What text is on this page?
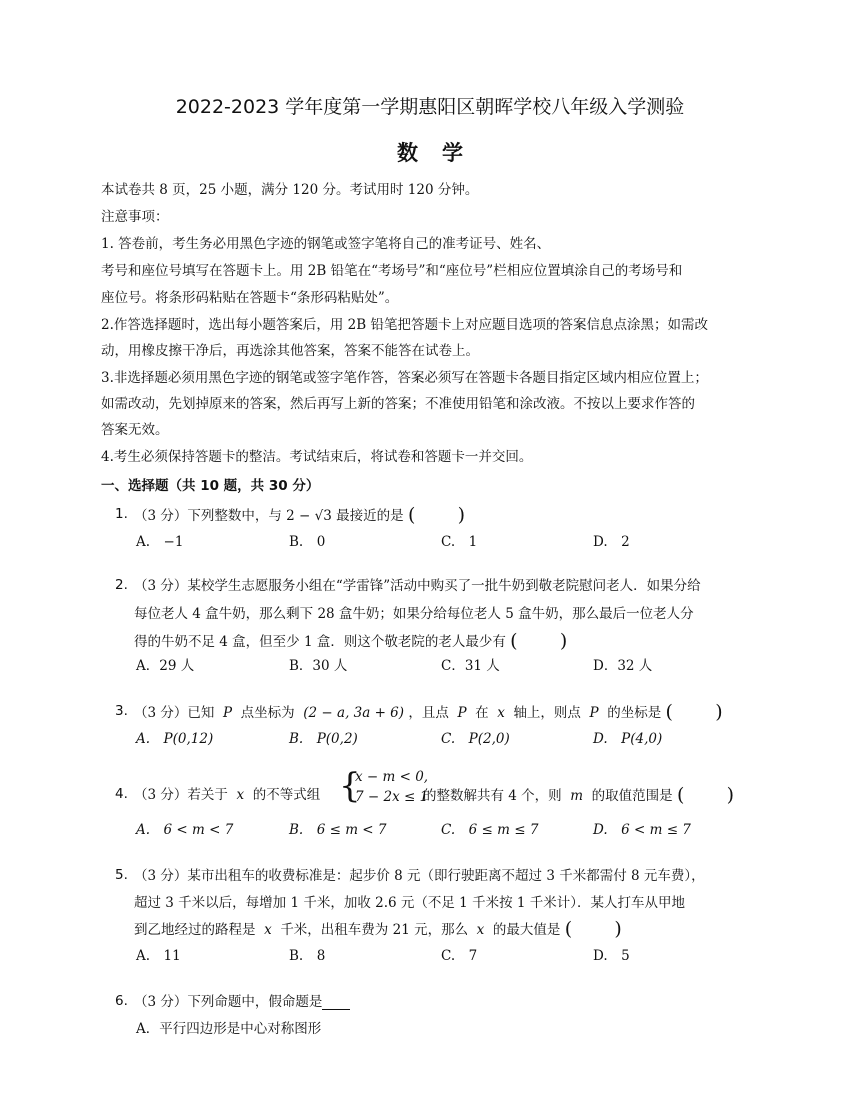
2022-2023 学年度第一学期惠阳区朝晖学校八年级入学测验
数学
本试卷共 8 页，25 小题，满分 120 分。考试用时 120 分钟。
注意事项：
1. 答卷前，考生务必用黑色字迹的钢笔或签字笔将自己的准考证号、姓名、
考号和座位号填写在答题卡上。用 2B 铅笔在“考场号”和“座位号”栏相应位置填涂自己的考场号和
座位号。将条形码粘贴在答题卡“条形码粘贴处”。
2.作答选择题时，选出每小题答案后，用 2B 铅笔把答题卡上对应题目选项的答案信息点涂黑；如需改
动，用橡皮擦干净后，再选涂其他答案，答案不能答在试卷上。
3.非选择题必须用黑色字迹的钢笔或签字笔作答，答案必须写在答题卡各题目指定区域内相应位置上；
如需改动，先划掉原来的答案，然后再写上新的答案；不准使用铅笔和涂改液。不按以上要求作答的
答案无效。
4.考生必须保持答题卡的整洁。考试结束后，将试卷和答题卡一并交回。
一、选择题（共 10 题，共 30 分）
1. （3 分）下列整数中，与 2 − √3 最接近的是 (       )
A.　−1	B.　0	C.　1	D.　2
2. （3 分）某校学生志愿服务小组在“学雷锋”活动中购买了一批牛奶到敬老院慰问老人．如果分给
每位老人 4 盒牛奶，那么剩下 28 盒牛奶；如果分给每位老人 5 盒牛奶，那么最后一位老人分
得的牛奶不足 4 盒，但至少 1 盒．则这个敬老院的老人最少有 (       )
A．29 人	B．30 人	C．31 人	D．32 人
3. （3 分）已知 P 点坐标为 (2 − a, 3a + 6) ，且点 P 在 x 轴上，则点 P 的坐标是 (       )
A.　P(0,12)	B.　P(0,2)	C.　P(2,0)	D.　P(4,0)
4. （3 分）若关于 x 的不等式组 {
x − m < 0,
7 − 2x ≤ 1
的整数解共有 4 个，则 m 的取值范围是 (       )
A.　6 < m < 7	B.　6 ≤ m < 7	C.　6 ≤ m ≤ 7	D.　6 < m ≤ 7
5. （3 分）某市出租车的收费标准是：起步价 8 元（即行驶距离不超过 3 千米都需付 8 元车费），
超过 3 千米以后，每增加 1 千米，加收 2.6 元（不足 1 千米按 1 千米计）．某人打车从甲地
到乙地经过的路程是 x 千米，出租车费为 21 元，那么 x 的最大值是 (       )
A.　11	B.　8	C.　7	D.　5
6. （3 分）下列命题中，假命题是
A．平行四边形是中心对称图形
